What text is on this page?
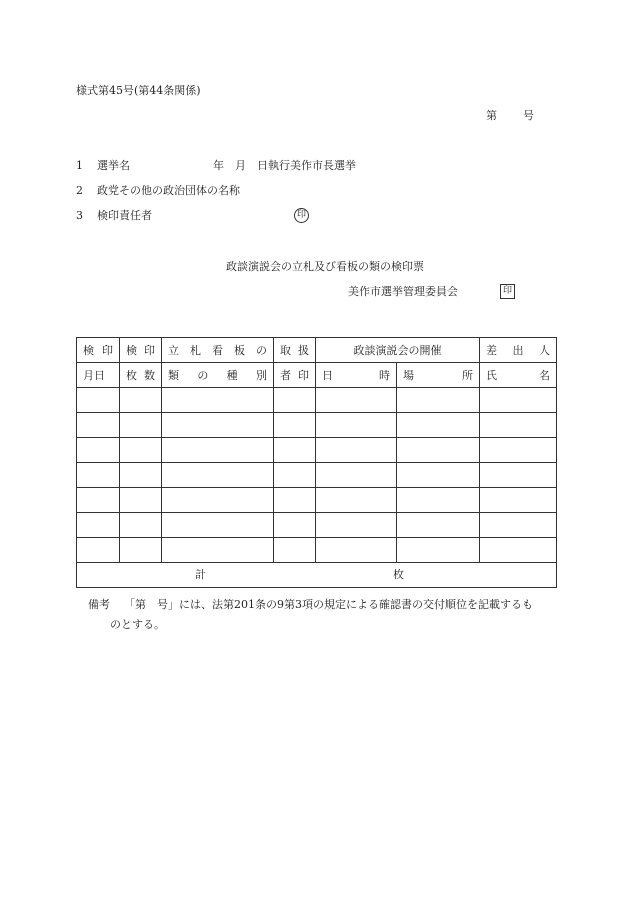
様式第45号(第44条関係)
第 号
1 選挙名	年　月　日執行美作市長選挙
2 政党その他の政治団体の名称
3 検印責任者	印
政談演説会の立札及び看板の類の検印票
美作市選挙管理委員会	印
検 印	検 印	立 札 看 板 の	取 扱	政談演説会の開催		差 出 人

月日	枚 数	類 の 種 別	者 印	日 時	場 所	氏 名

計 枚						
備考 「第　号」には、法第201条の9第3項の規定による確認書の交付順位を記載するも
のとする。
